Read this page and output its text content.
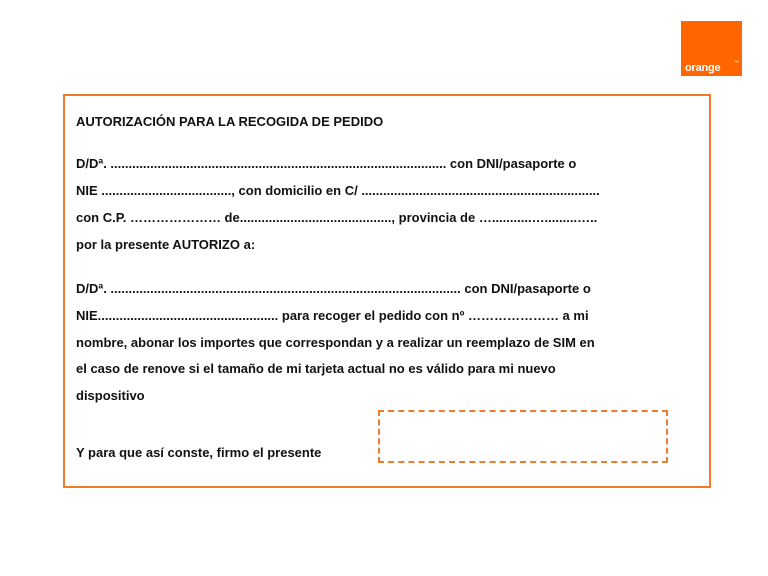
orange	™
AUTORIZACIÓN PARA LA RECOGIDA DE PEDIDO
D/Dª. ............................................................................................. con DNI/pasaporte o
NIE ...................................., con domicilio en C/ ..................................................................
con C.P. ………………… de.........................................., provincia de …...........….........…..
por la presente AUTORIZO a:
D/Dª. ................................................................................................. con DNI/pasaporte o
NIE.................................................. para recoger el pedido con nº ………………… a mi
nombre, abonar los importes que correspondan y a realizar un reemplazo de SIM en
el caso de renove si el tamaño de mi tarjeta actual no es válido para mi nuevo
dispositivo
Y para que así conste, firmo el presente
